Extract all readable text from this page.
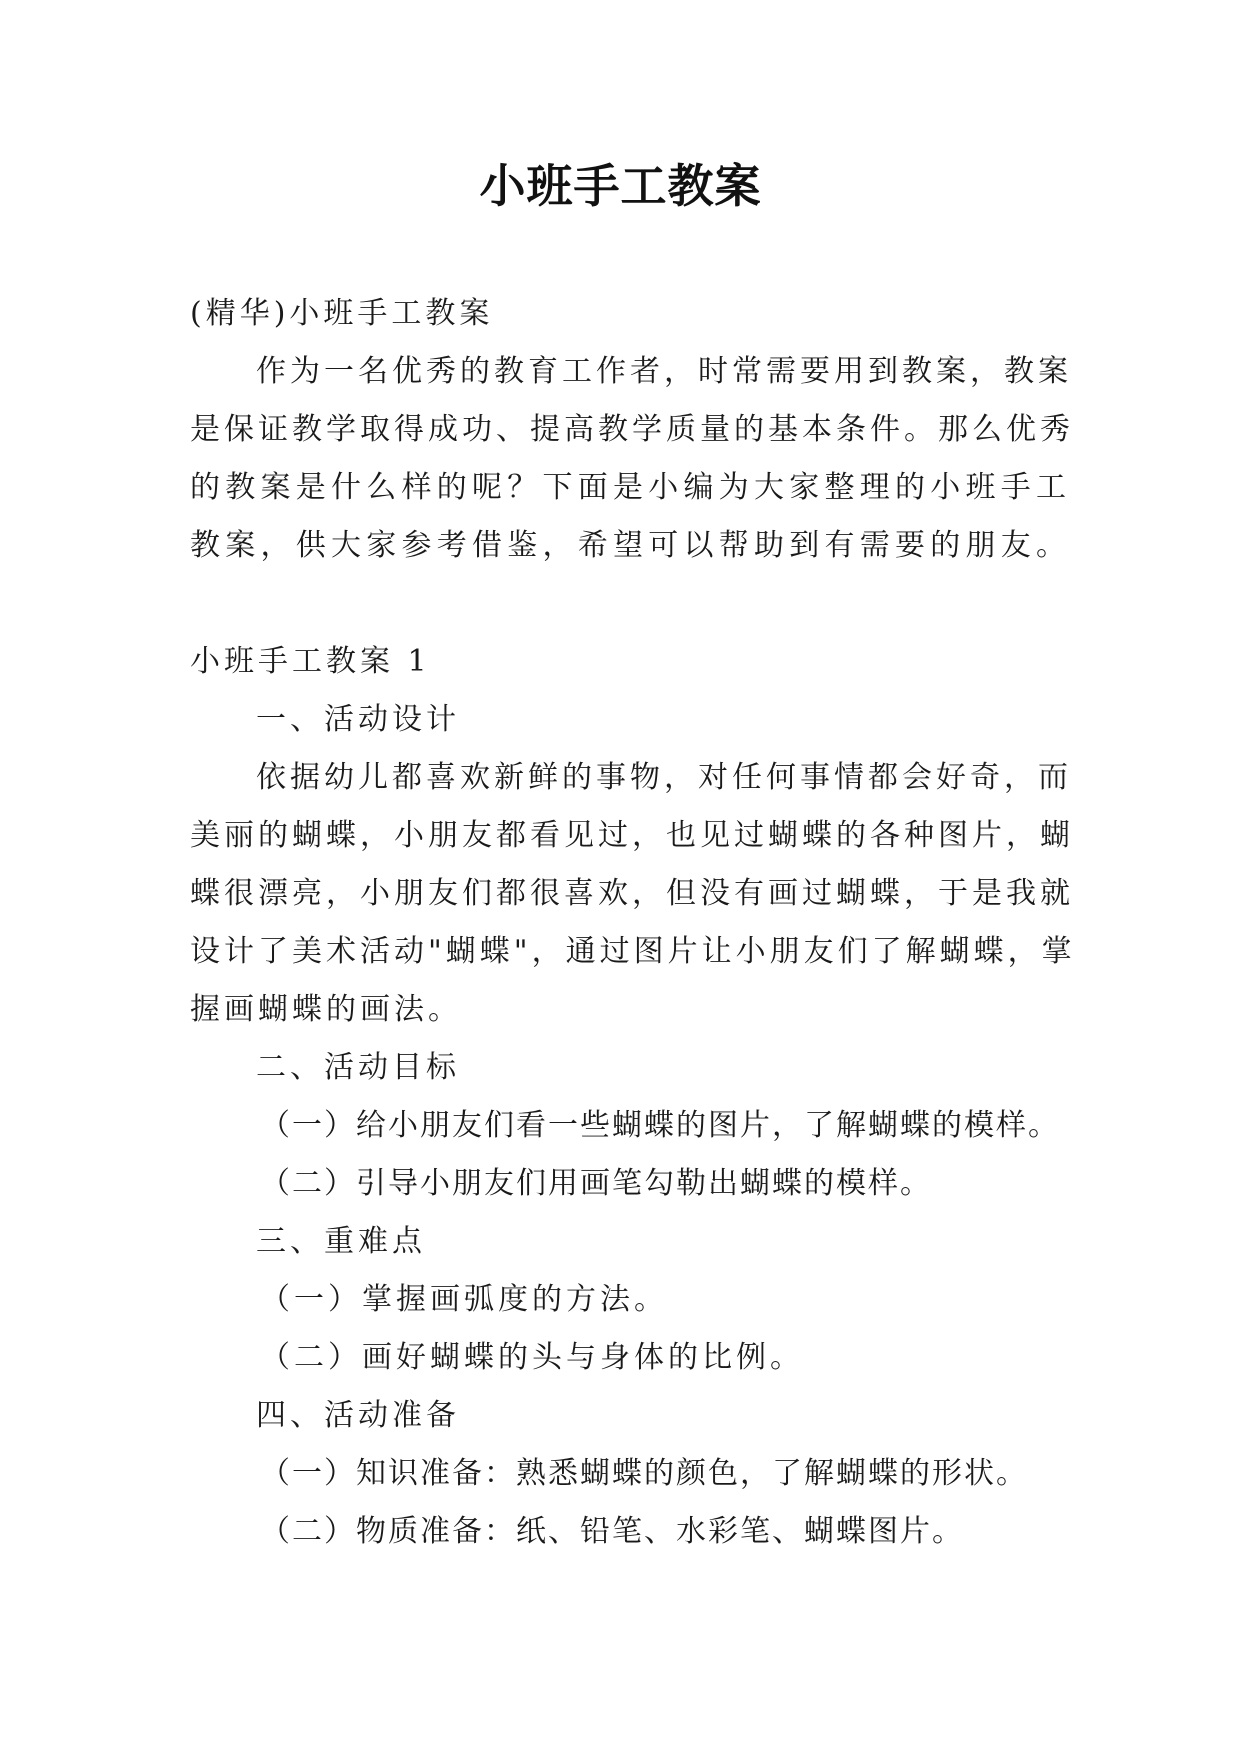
小班手工教案
(精华)小班手工教案
作为一名优秀的教育工作者，时常需要用到教案，教案
是保证教学取得成功、提高教学质量的基本条件。那么优秀
的教案是什么样的呢？下面是小编为大家整理的小班手工
教案，供大家参考借鉴，希望可以帮助到有需要的朋友。
小班手工教案 1
一、活动设计
依据幼儿都喜欢新鲜的事物，对任何事情都会好奇，而
美丽的蝴蝶，小朋友都看见过，也见过蝴蝶的各种图片，蝴
蝶很漂亮，小朋友们都很喜欢，但没有画过蝴蝶，于是我就
设计了美术活动"蝴蝶"，通过图片让小朋友们了解蝴蝶，掌
握画蝴蝶的画法。
二、活动目标
（一）给小朋友们看一些蝴蝶的图片，了解蝴蝶的模样。
（二）引导小朋友们用画笔勾勒出蝴蝶的模样。
三、重难点
（一）掌握画弧度的方法。
（二）画好蝴蝶的头与身体的比例。
四、活动准备
（一）知识准备：熟悉蝴蝶的颜色，了解蝴蝶的形状。
（二）物质准备：纸、铅笔、水彩笔、蝴蝶图片。
